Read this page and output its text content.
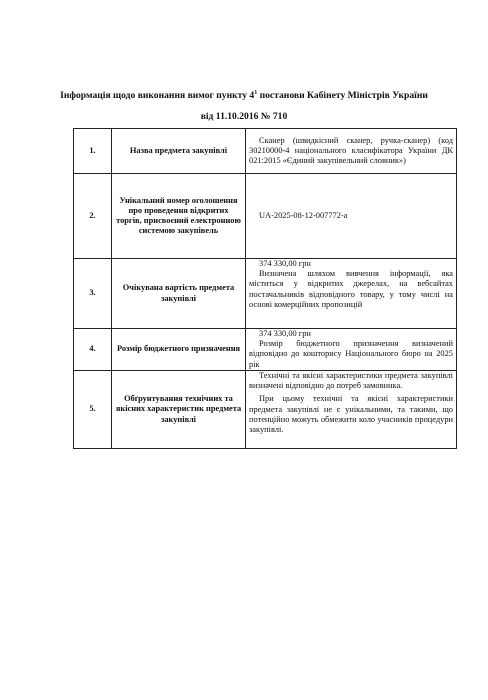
Інформація щодо виконання вимог пункту $4^1$ постанови Кабінету Міністрів України
від 11.10.2016 № 710
1.	Назва предмета закупівлі	Сканер (швидкісний сканер, ручка-сканер) (код 30210000-4 національного класифікатора України ДК 021:2015 «Єдиний закупівельний словник»)

2.	Унікальний номер оголошення про проведення відкритих торгів, присвоєний електронною системою закупівель	UA-2025-08-12-007772-a

3.	Очікувана вартість предмета закупівлі	374 330,00 грн

Визначена шляхом вивчення інформації, яка міститься у відкритих джерелах, на вебсайтах постачальників відповідного товару, у тому числі на основі комерційних пропозицій

4.	Розмір бюджетного призначення	374 330,00 грн

Розмір бюджетного призначення визначений відповідно до кошторису Національного бюро на 2025 рік

5.	Обґрунтування технічних та якісних характеристик предмета закупівлі	Технічні та якісні характеристики предмета закупівлі визначені відповідно до потреб замовника.

При цьому технічні та якісні характеристики предмета закупівлі не є унікальними, та такими, що потенційно можуть обмежити коло учасників процедури закупівлі.
